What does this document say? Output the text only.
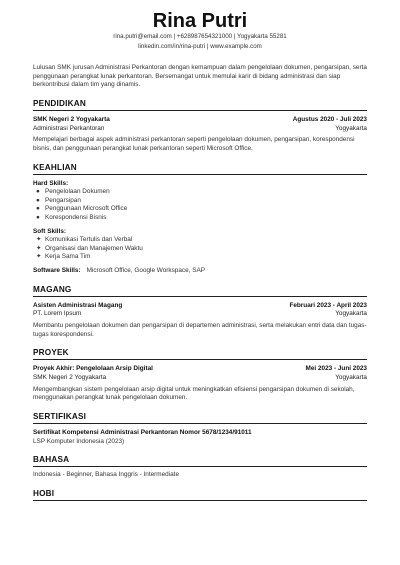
Rina Putri
rina.putri@email.com | +628987654321000 | Yogyakarta 55281
linkedin.com/in/rina-putri | www.example.com
Lulusan SMK jurusan Administrasi Perkantoran dengan kemampuan dalam pengelolaan dokumen, pengarsipan, serta penggunaan perangkat lunak perkantoran. Bersemangat untuk memulai karir di bidang administrasi dan siap berkontribusi dalam tim yang dinamis.
PENDIDIKAN
SMK Negeri 2 Yogyakarta	Agustus 2020 - Juli 2023
Administrasi Perkantoran	Yogyakarta
Mempelajari berbagai aspek administrasi perkantoran seperti pengelolaan dokumen, pengarsipan, korespondensi bisnis, dan penggunaan perangkat lunak perkantoran seperti Microsoft Office.
KEAHLIAN
Hard Skills:
● Pengelolaan Dokumen
● Pengarsipan
● Penggunaan Microsoft Office
● Korespondensi Bisnis
Soft Skills:
✦ Komunikasi Tertulis dan Verbal
✦ Organisasi dan Manajemen Waktu
✦ Kerja Sama Tim
Software Skills: Microsoft Office, Google Workspace, SAP
MAGANG
Asisten Administrasi Magang	Februari 2023 - April 2023
PT. Lorem Ipsum	Yogyakarta
Membantu pengelolaan dokumen dan pengarsipan di departemen administrasi, serta melakukan entri data dan tugas-tugas korespondensi.
PROYEK
Proyek Akhir: Pengelolaan Arsip Digital	Mei 2023 - Juni 2023
SMK Negeri 2 Yogyakarta	Yogyakarta
Mengembangkan sistem pengelolaan arsip digital untuk meningkatkan efisiensi pengarsipan dokumen di sekolah, menggunakan perangkat lunak pengelolaan dokumen.
SERTIFIKASI
Sertifikat Kompetensi Administrasi Perkantoran Nomor 5678/1234/91011
LSP Komputer Indonesia (2023)
BAHASA
Indonesia - Beginner, Bahasa Inggris - Intermediate
HOBI
